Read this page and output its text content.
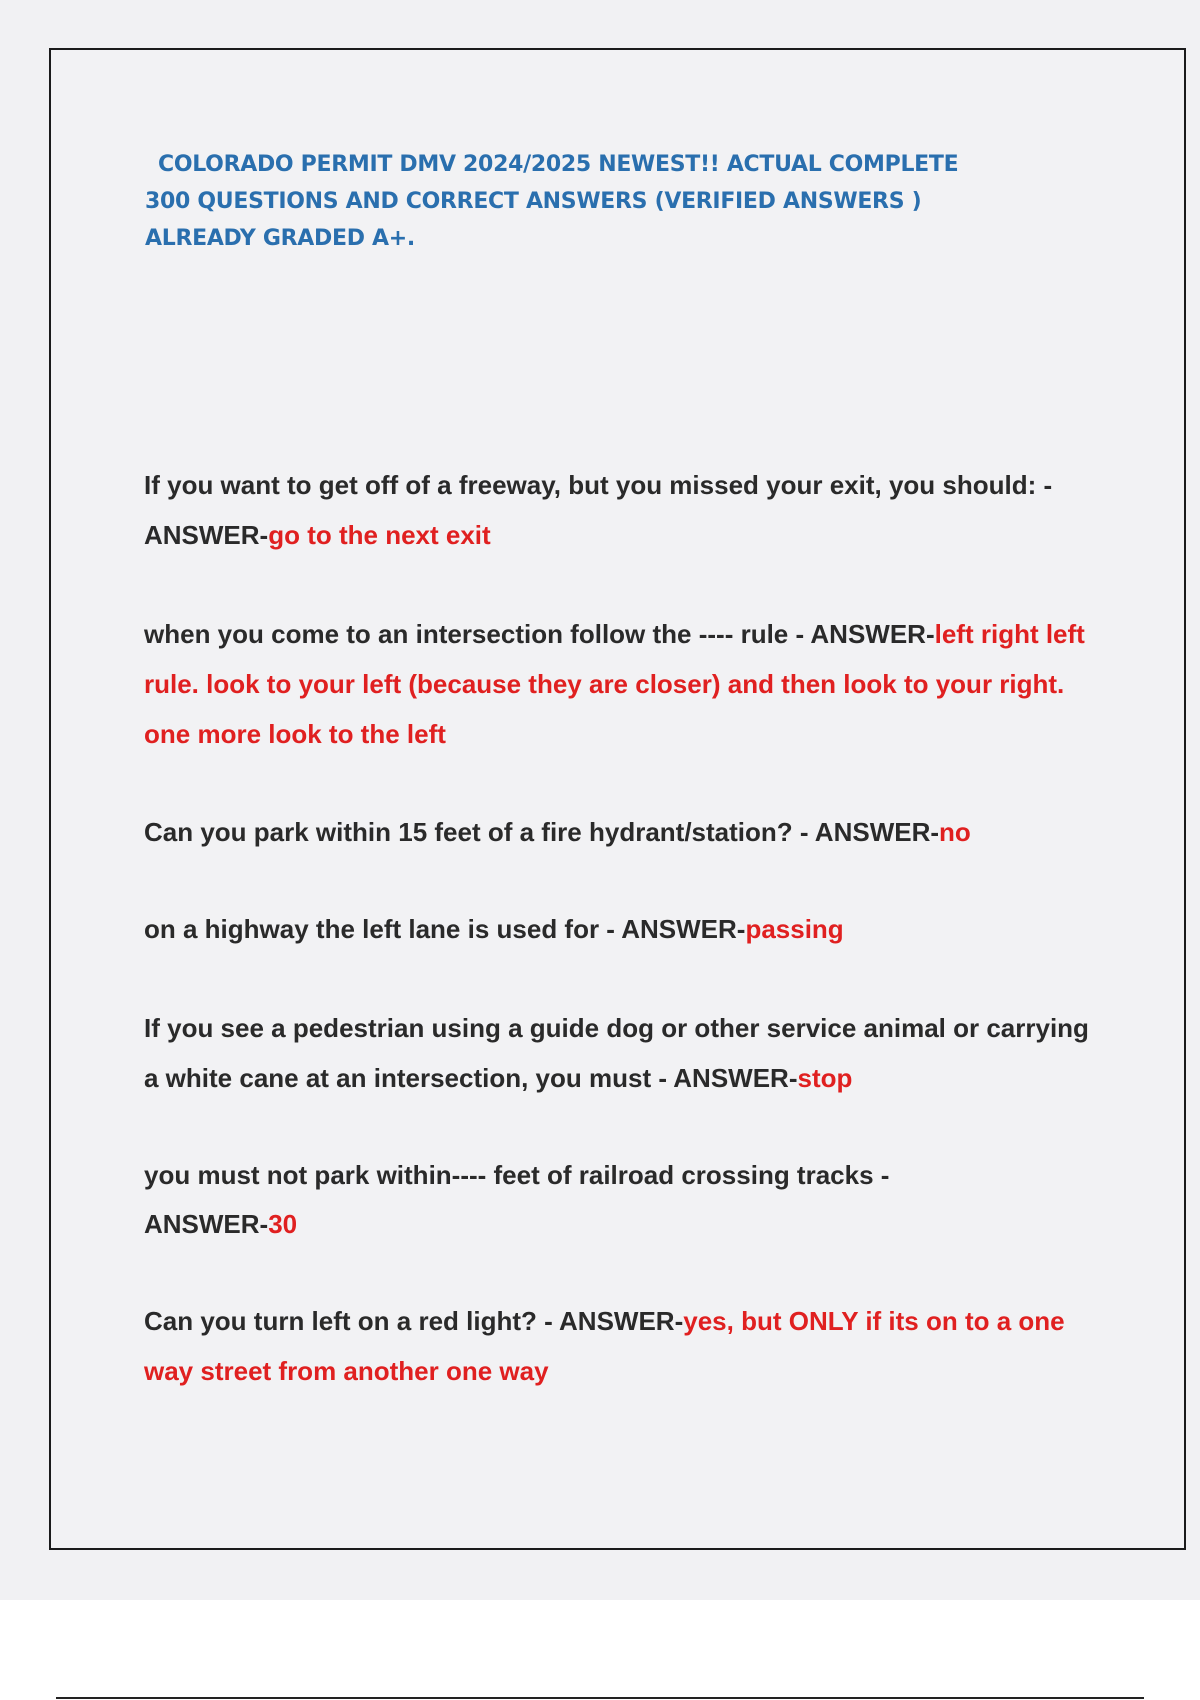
COLORADO PERMIT DMV 2024/2025 NEWEST!! ACTUAL COMPLETE
300 QUESTIONS AND CORRECT ANSWERS (VERIFIED ANSWERS )
ALREADY GRADED A+.
If you want to get off of a freeway, but you missed your exit, you should: - ANSWER-go to the next exit
when you come to an intersection follow the ---- rule - ANSWER-left right left rule. look to your left (because they are closer) and then look to your right. one more look to the left
Can you park within 15 feet of a fire hydrant/station? - ANSWER-no
on a highway the left lane is used for - ANSWER-passing
If you see a pedestrian using a guide dog or other service animal or carrying a white cane at an intersection, you must - ANSWER-stop
you must not park within---- feet of railroad crossing tracks - ANSWER-30
Can you turn left on a red light? - ANSWER-yes, but ONLY if its on to a one way street from another one way
